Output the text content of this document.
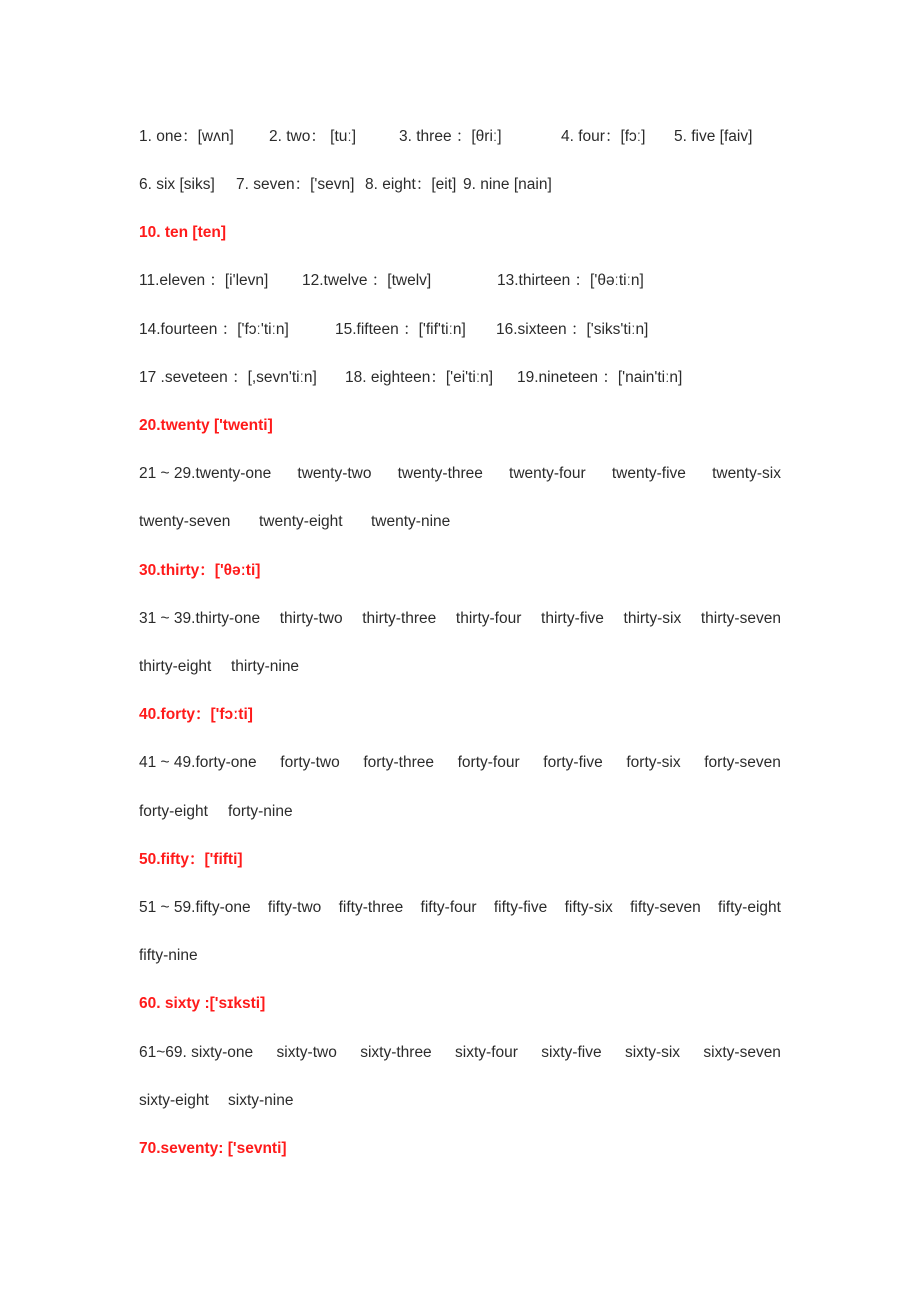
1. one：[wʌn] 2. two： [tuː]	3. three ：[θriː]	4. four：[fɔː] 5. five [faiv]
6. six [siks] 7. seven：['sevn] 8. eight：[eit] 9. nine [nain]
10. ten [ten]
11.eleven ：[i'levn] 12.twelve ：[twelv]	13.thirteen ：['θəːtiːn]
14.fourteen ：['fɔː'tiːn]	15.fifteen ：['fif'tiːn] 16.sixteen ：['siks'tiːn]
17 .seveteen ：[,sevn'tiːn] 18. eighteen：['ei'tiːn] 19.nineteen ：['nain'tiːn]
20.twenty ['twenti]
21 ~ 29.twenty-one twenty-two twenty-three twenty-four twenty-five twenty-six
twenty-seven twenty-eight twenty-nine
30.thirty：['θəːti]
31 ~ 39.thirty-one thirty-two thirty-three thirty-four thirty-five thirty-six thirty-seven
thirty-eight thirty-nine
40.forty：['fɔːti]
41 ~ 49.forty-one forty-two forty-three forty-four forty-five forty-six forty-seven
forty-eight forty-nine
50.fifty：['fifti]
51 ~ 59.fifty-one fifty-two fifty-three fifty-four fifty-five fifty-six fifty-seven fifty-eight
fifty-nine
60. sixty :['sɪksti]
61~69. sixty-one sixty-two sixty-three sixty-four sixty-five sixty-six sixty-seven
sixty-eight sixty-nine
70.seventy: ['sevnti]
